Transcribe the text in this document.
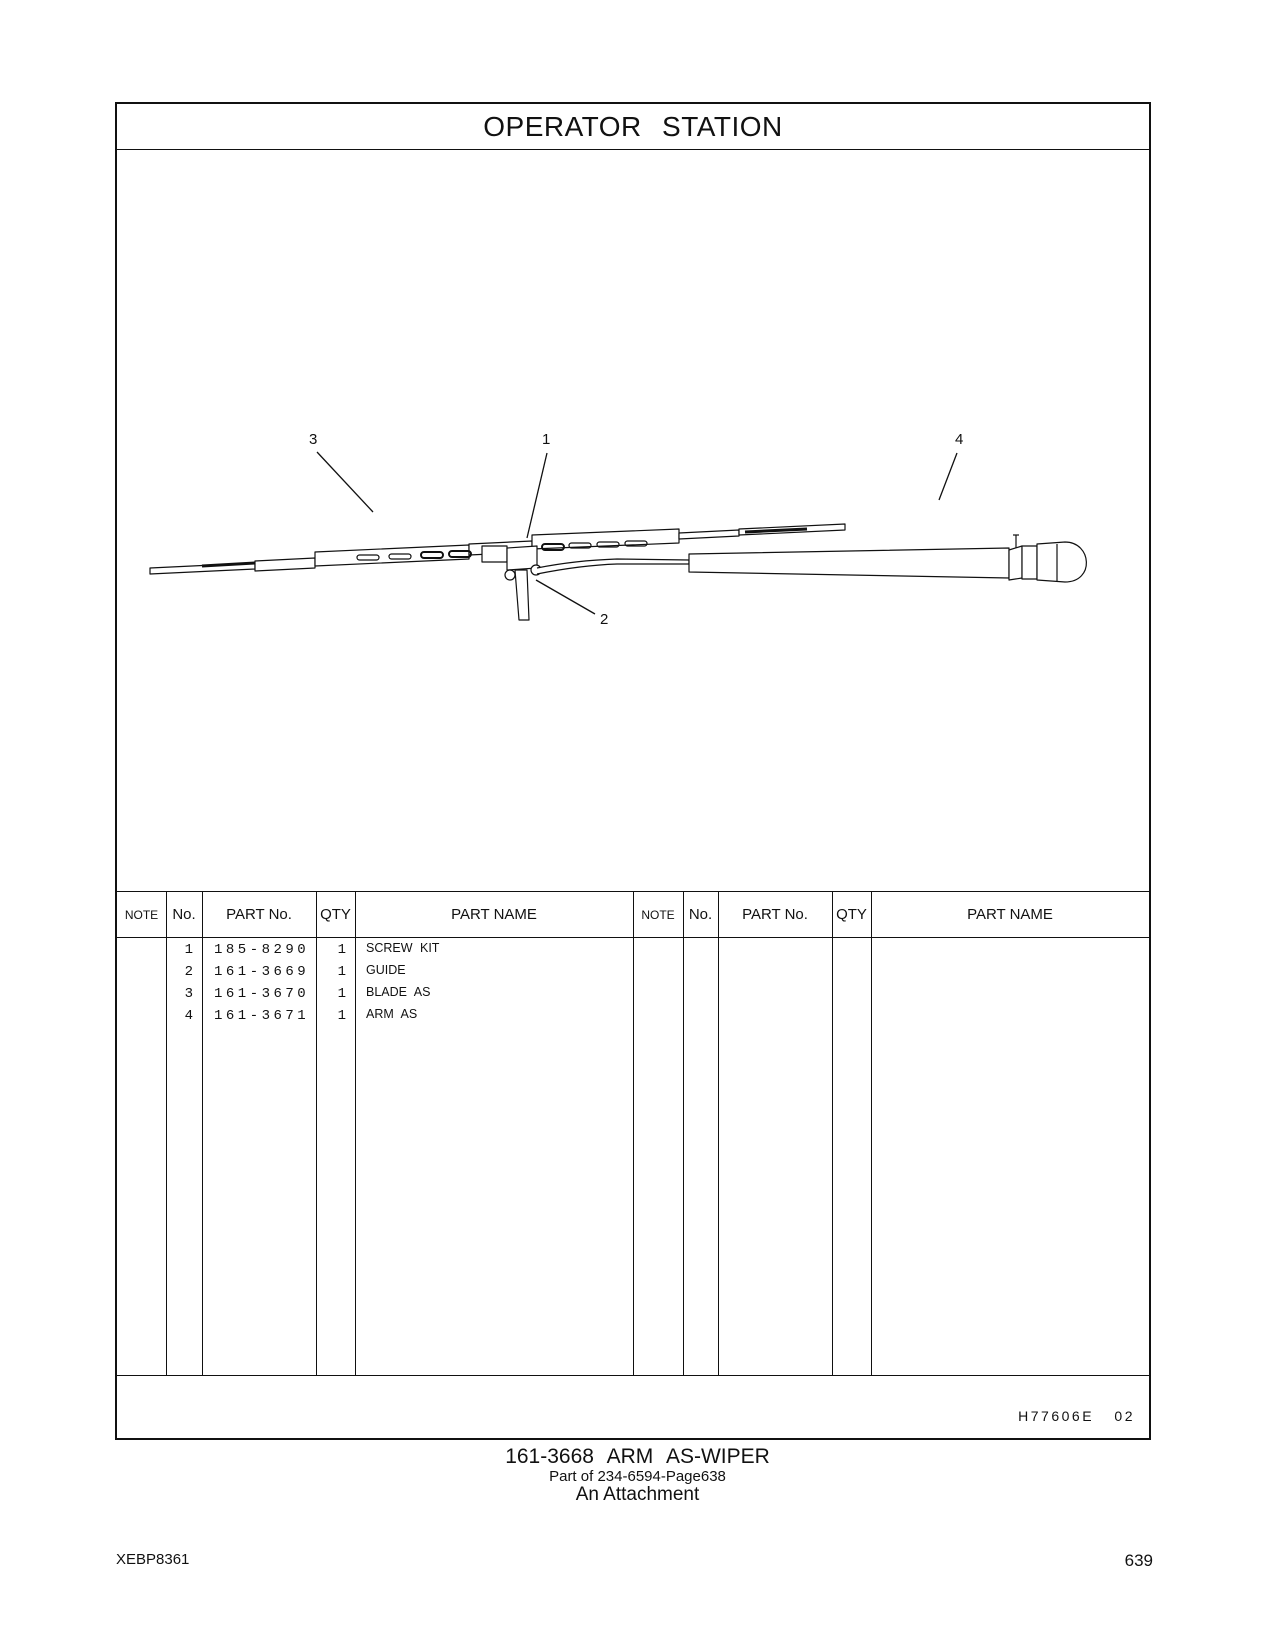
OPERATOR STATION
3	1	4
2
NOTE No.	PART No.	QTY	PART NAME	NOTE No.	PART No.	QTY	PART NAME
1 185-8290	1 SCREW KIT
2 161-3669	1 GUIDE
3 161-3670	1 BLADE AS
4 161-3671	1 ARM AS
H77606E 02
161-3668 ARM AS-WIPER
Part of 234-6594-Page638
An Attachment
XEBP8361	639
